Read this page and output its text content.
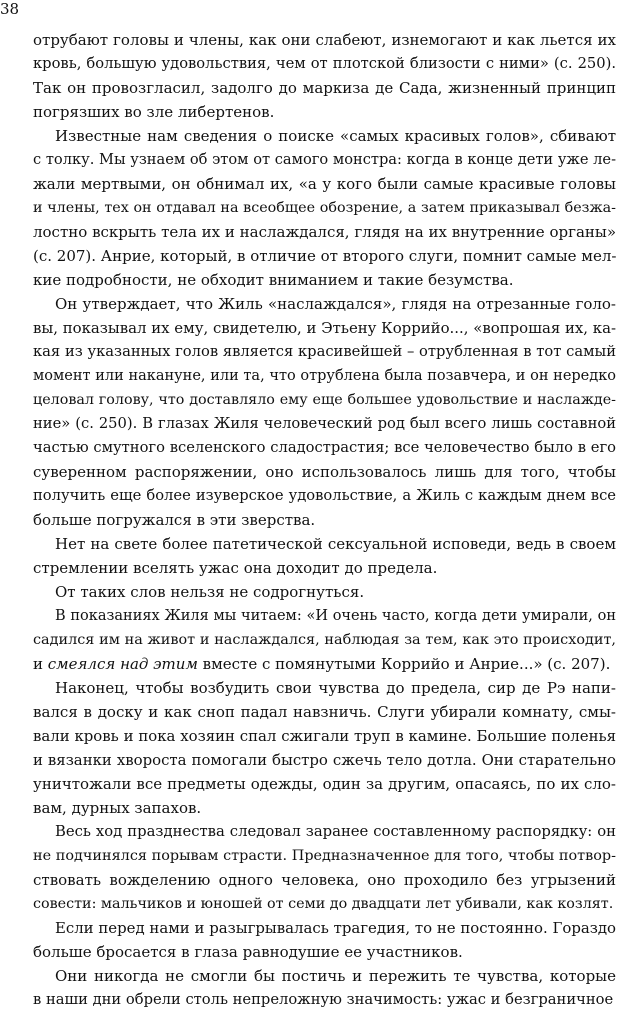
38
отрубают головы и члены, как они слабеют, изнемогают и как льется их
кровь, большую удовольствия, чем от плотской близости с ними» (с. 250).
Так он провозгласил, задолго до маркиза де Сада, жизненный принцип
погрязших во зле либертенов.
Известные нам сведения о поиске «самых красивых голов», сбивают
с толку. Мы узнаем об этом от самого монстра: когда в конце дети уже ле-
жали мертвыми, он обнимал их, «а у кого были самые красивые головы
и члены, тех он отдавал на всеобщее обозрение, а затем приказывал безжа-
лостно вскрыть тела их и наслаждался, глядя на их внутренние органы»
(с. 207). Анрие, который, в отличие от второго слуги, помнит самые мел-
кие подробности, не обходит вниманием и такие безумства.
Он утверждает, что Жиль «наслаждался», глядя на отрезанные голо-
вы, показывал их ему, свидетелю, и Этьену Коррийо..., «вопрошая их, ка-
кая из указанных голов является красивейшей – отрубленная в тот самый
момент или накануне, или та, что отрублена была позавчера, и он нередко
целовал голову, что доставляло ему еще большее удовольствие и наслажде-
ние» (с. 250). В глазах Жиля человеческий род был всего лишь составной
частью смутного вселенского сладострастия; все человечество было в его
суверенном распоряжении, оно использовалось лишь для того, чтобы
получить еще более изуверское удовольствие, а Жиль с каждым днем все
больше погружался в эти зверства.
Нет на свете более патетической сексуальной исповеди, ведь в своем
стремлении вселять ужас она доходит до предела.
От таких слов нельзя не содрогнуться.
В показаниях Жиля мы читаем: «И очень часто, когда дети умирали, он
садился им на живот и наслаждался, наблюдая за тем, как это происходит,
и смеялся над этим вместе с помянутыми Коррийо и Анрие...» (с. 207).
Наконец, чтобы возбудить свои чувства до предела, сир де Рэ напи-
вался в доску и как сноп падал навзничь. Слуги убирали комнату, смы-
вали кровь и пока хозяин спал сжигали труп в камине. Большие поленья
и вязанки хвороста помогали быстро сжечь тело дотла. Они старательно
уничтожали все предметы одежды, один за другим, опасаясь, по их сло-
вам, дурных запахов.
Весь ход празднества следовал заранее составленному распорядку: он
не подчинялся порывам страсти. Предназначенное для того, чтобы потвор-
ствовать вожделению одного человека, оно проходило без угрызений
совести: мальчиков и юношей от семи до двадцати лет убивали, как козлят.
Если перед нами и разыгрывалась трагедия, то не постоянно. Гораздо
больше бросается в глаза равнодушие ее участников.
Они никогда не смогли бы постичь и пережить те чувства, которые
в наши дни обрели столь непреложную значимость: ужас и безграничное
